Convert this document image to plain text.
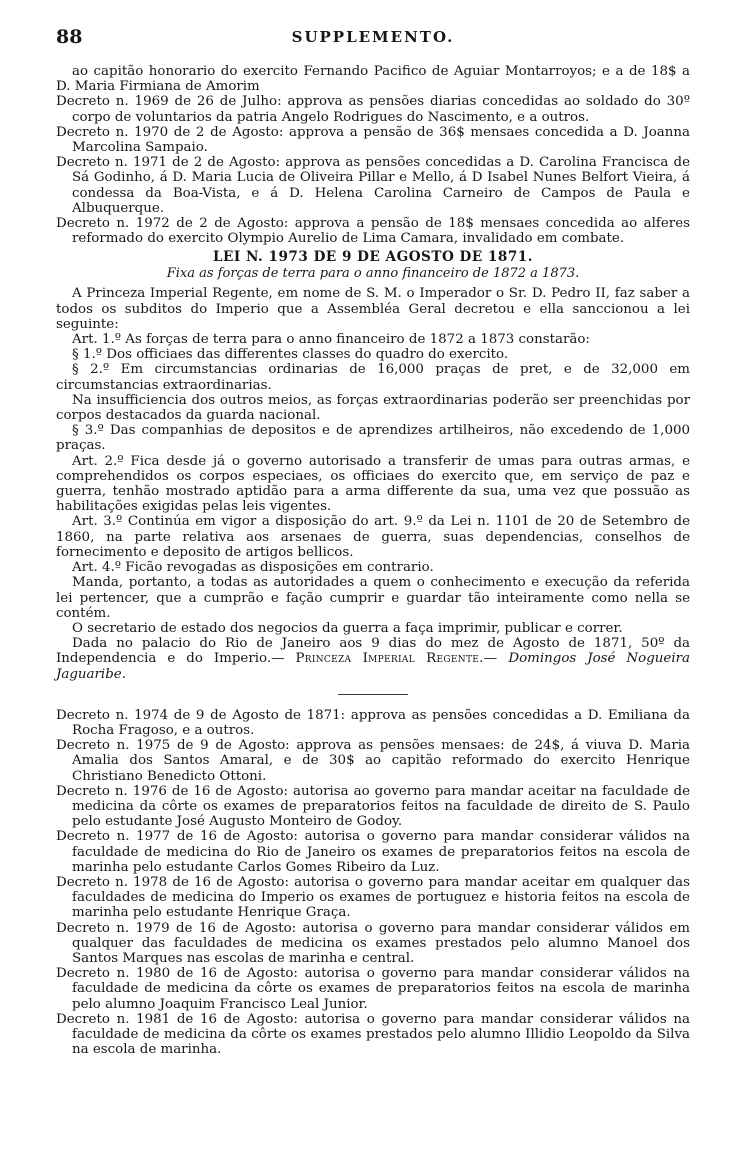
88	SUPPLEMENTO.

ao capitão honorario do exercito Fernando Pacifico de Aguiar Montarroyos; e a de 18$ a D. Maria Firmiana de Amorim

Decreto n. 1969 de 26 de Julho: approva as pensões diarias concedidas ao soldado do 30º corpo de voluntarios da patria Angelo Rodrigues do Nascimento, e a outros.

Decreto n. 1970 de 2 de Agosto: approva a pensão de 36$ mensaes concedida a D. Joanna Marcolina Sampaio.

Decreto n. 1971 de 2 de Agosto: approva as pensões concedidas a D. Carolina Francisca de Sá Godinho, á D. Maria Lucia de Oliveira Pillar e Mello, á D Isabel Nunes Belfort Vieira, á condessa da Boa-Vista, e á D. Helena Carolina Carneiro de Campos de Paula e Albuquerque.

Decreto n. 1972 de 2 de Agosto: approva a pensão de 18$ mensaes concedida ao alferes reformado do exercito Olympio Aurelio de Lima Camara, invalidado em combate.

LEI N. 1973 DE 9 DE AGOSTO DE 1871.

Fixa as forças de terra para o anno financeiro de 1872 a 1873.

A Princeza Imperial Regente, em nome de S. M. o Imperador o Sr. D. Pedro II, faz saber a todos os subditos do Imperio que a Assembléa Geral decretou e ella sanccionou a lei seguinte:

Art. 1.º As forças de terra para o anno financeiro de 1872 a 1873 constarão:

§ 1.º Dos officiaes das differentes classes do quadro do exercito.

§ 2.º Em circumstancias ordinarias de 16,000 praças de pret, e de 32,000 em circumstancias extraordinarias.

Na insufficiencia dos outros meios, as forças extraordinarias poderão ser preenchidas por corpos destacados da guarda nacional.

§ 3.º Das companhias de depositos e de aprendizes artilheiros, não excedendo de 1,000 praças.

Art. 2.º Fica desde já o governo autorisado a transferir de umas para outras armas, e comprehendidos os corpos especiaes, os officiaes do exercito que, em serviço de paz e guerra, tenhão mostrado aptidão para a arma differente da sua, uma vez que possuão as habilitações exigidas pelas leis vigentes.

Art. 3.º Continúa em vigor a disposição do art. 9.º da Lei n. 1101 de 20 de Setembro de 1860, na parte relativa aos arsenaes de guerra, suas dependencias, conselhos de fornecimento e deposito de artigos bellicos.

Art. 4.º Ficão revogadas as disposições em contrario.

Manda, portanto, a todas as autoridades a quem o conhecimento e execução da referida lei pertencer, que a cumprão e fação cumprir e guardar tão inteiramente como nella se contém.

O secretario de estado dos negocios da guerra a faça imprimir, publicar e correr.

Dada no palacio do Rio de Janeiro aos 9 dias do mez de Agosto de 1871, 50º da Independencia e do Imperio.— Princeza Imperial Regente.— Domingos José Nogueira Jaguaribe.

Decreto n. 1974 de 9 de Agosto de 1871: approva as pensões concedidas a D. Emiliana da Rocha Fragoso, e a outros.

Decreto n. 1975 de 9 de Agosto: approva as pensões mensaes: de 24$, á viuva D. Maria Amalia dos Santos Amaral, e de 30$ ao capitão reformado do exercito Henrique Christiano Benedicto Ottoni.

Decreto n. 1976 de 16 de Agosto: autorisa ao governo para mandar aceitar na faculdade de medicina da côrte os exames de preparatorios feitos na faculdade de direito de S. Paulo pelo estudante José Augusto Monteiro de Godoy.

Decreto n. 1977 de 16 de Agosto: autorisa o governo para mandar considerar válidos na faculdade de medicina do Rio de Janeiro os exames de preparatorios feitos na escola de marinha pelo estudante Carlos Gomes Ribeiro da Luz.

Decreto n. 1978 de 16 de Agosto: autorisa o governo para mandar aceitar em qualquer das faculdades de medicina do Imperio os exames de portuguez e historia feitos na escola de marinha pelo estudante Henrique Graça.

Decreto n. 1979 de 16 de Agosto: autorisa o governo para mandar considerar válidos em qualquer das faculdades de medicina os exames prestados pelo alumno Manoel dos Santos Marques nas escolas de marinha e central.

Decreto n. 1980 de 16 de Agosto: autorisa o governo para mandar considerar válidos na faculdade de medicina da côrte os exames de preparatorios feitos na escola de marinha pelo alumno Joaquim Francisco Leal Junior.

Decreto n. 1981 de 16 de Agosto: autorisa o governo para mandar considerar válidos na faculdade de medicina da côrte os exames prestados pelo alumno Illidio Leopoldo da Silva na escola de marinha.
